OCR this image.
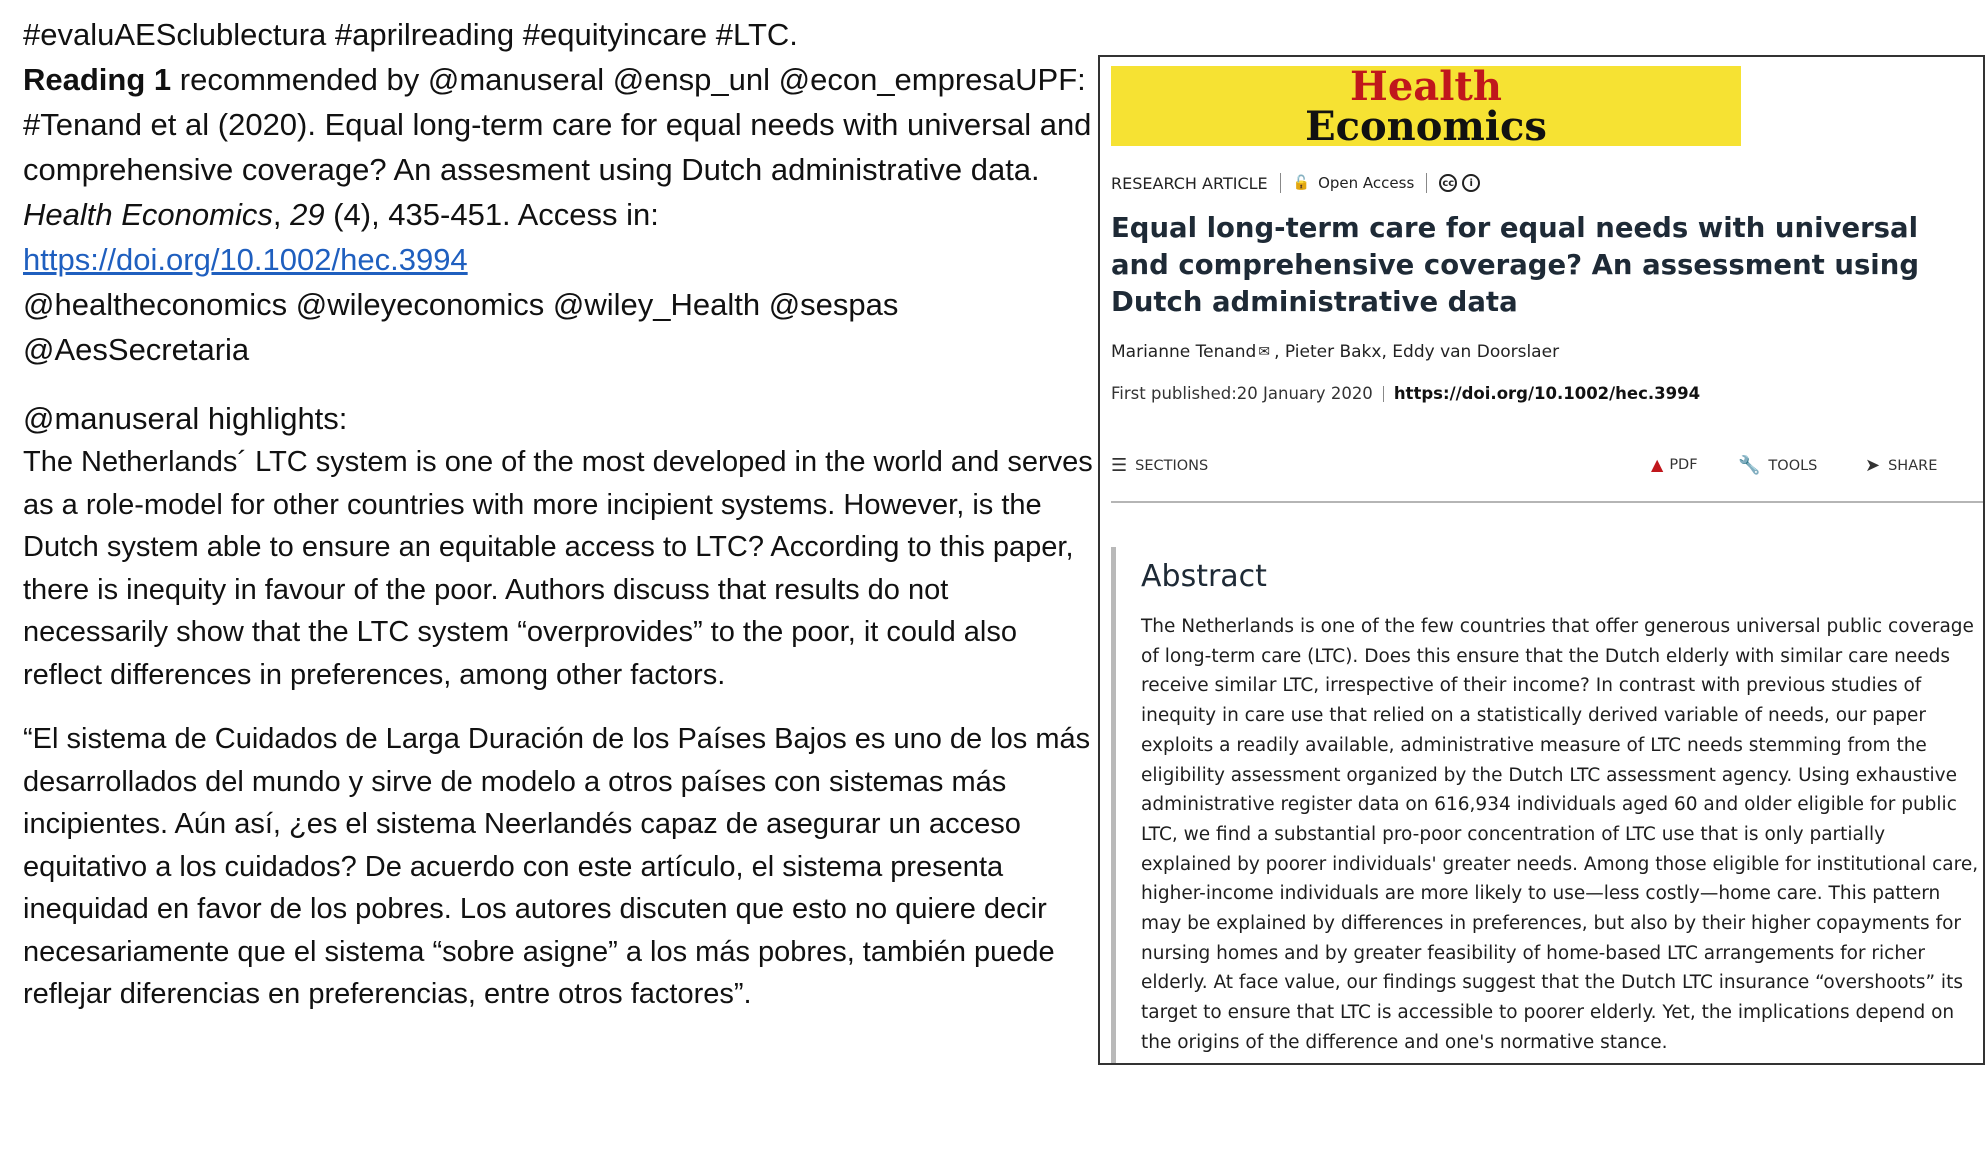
#evaluAESclublectura #aprilreading #equityincare #LTC.
Reading 1 recommended by @manuseral @ensp_unl @econ_empresaUPF: #Tenand et al (2020). Equal long-term care for equal needs with universal and comprehensive coverage? An assesment using Dutch administrative data. Health Economics, 29 (4), 435-451. Access in: https://doi.org/10.1002/hec.3994
@healtheconomics @wileyeconomics @wiley_Health @sespas @AesSecretaria

@manuseral highlights:

The Netherlands´ LTC system is one of the most developed in the world and serves as a role-model for other countries with more incipient systems. However, is the Dutch system able to ensure an equitable access to LTC? According to this paper, there is inequity in favour of the poor. Authors discuss that results do not necessarily show that the LTC system “overprovides” to the poor, it could also reflect differences in preferences, among other factors.

“El sistema de Cuidados de Larga Duración de los Países Bajos es uno de los más desarrollados del mundo y sirve de modelo a otros países con sistemas más incipientes. Aún así, ¿es el sistema Neerlandés capaz de asegurar un acceso equitativo a los cuidados? De acuerdo con este artículo, el sistema presenta inequidad en favor de los pobres. Los autores discuten que esto no quiere decir necesariamente que el sistema “sobre asigne” a los más pobres, también puede reflejar diferencias en preferencias, entre otros factores”.

Health
Economics
RESEARCH ARTICLE 🔓 Open Access	cc	i
Equal long-term care for equal needs with universal and comprehensive coverage? An assessment using Dutch administrative data
Marianne Tenand ✉ ,
Pieter Bakx ,
Eddy van Doorslaer
First published: 20 January 2020 https://doi.org/10.1002/hec.3994
☰ SECTIONS	▲ PDF 🔧 TOOLS	➤ SHARE
Abstract

The Netherlands is one of the few countries that offer generous universal public coverage of long-term care (LTC). Does this ensure that the Dutch elderly with similar care needs receive similar LTC, irrespective of their income? In contrast with previous studies of inequity in care use that relied on a statistically derived variable of needs, our paper exploits a readily available, administrative measure of LTC needs stemming from the eligibility assessment organized by the Dutch LTC assessment agency. Using exhaustive administrative register data on 616,934 individuals aged 60 and older eligible for public LTC, we find a substantial pro-poor concentration of LTC use that is only partially explained by poorer individuals' greater needs. Among those eligible for institutional care, higher-income individuals are more likely to use—less costly—home care. This pattern may be explained by differences in preferences, but also by their higher copayments for nursing homes and by greater feasibility of home-based LTC arrangements for richer elderly. At face value, our findings suggest that the Dutch LTC insurance “overshoots” its target to ensure that LTC is accessible to poorer elderly. Yet, the implications depend on the origins of the difference and one's normative stance.
